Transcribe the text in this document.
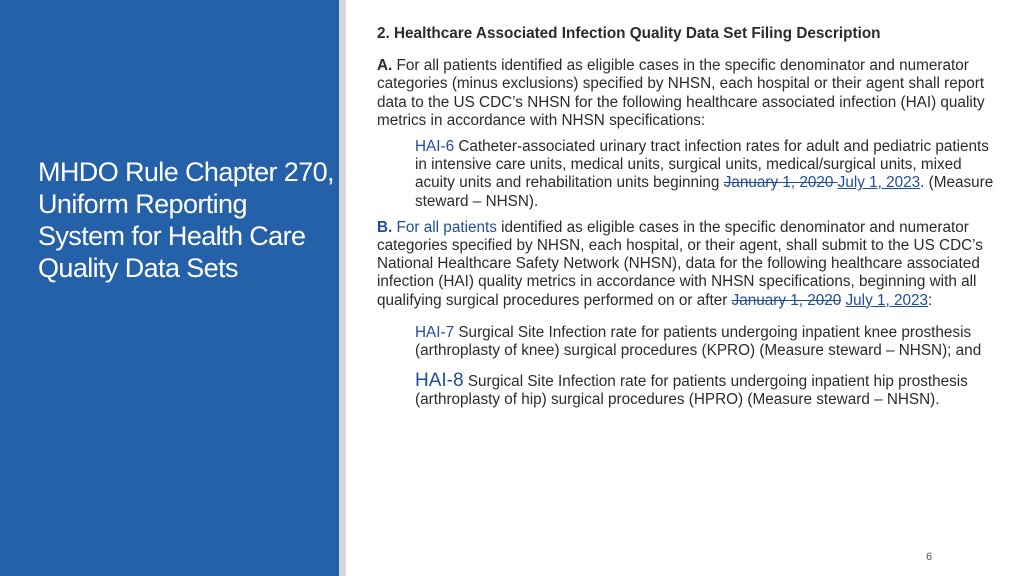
MHDO Rule Chapter 270, Uniform Reporting System for Health Care Quality Data Sets
2. Healthcare Associated Infection Quality Data Set Filing Description

A. For all patients identified as eligible cases in the specific denominator and numerator categories (minus exclusions) specified by NHSN, each hospital or their agent shall report data to the US CDC’s NHSN for the following healthcare associated infection (HAI) quality metrics in accordance with NHSN specifications:

HAI-6 Catheter-associated urinary tract infection rates for adult and pediatric patients in intensive care units, medical units, surgical units, medical/surgical units, mixed acuity units and rehabilitation units beginning January 1, 2020 July 1, 2023. (Measure steward – NHSN).

B. For all patients identified as eligible cases in the specific denominator and numerator categories specified by NHSN, each hospital, or their agent, shall submit to the US CDC’s National Healthcare Safety Network (NHSN), data for the following healthcare associated infection (HAI) quality metrics in accordance with NHSN specifications, beginning with all qualifying surgical procedures performed on or after January 1, 2020 July 1, 2023:

HAI-7 Surgical Site Infection rate for patients undergoing inpatient knee prosthesis (arthroplasty of knee) surgical procedures (KPRO) (Measure steward – NHSN); and

HAI-8 Surgical Site Infection rate for patients undergoing inpatient hip prosthesis (arthroplasty of hip) surgical procedures (HPRO) (Measure steward – NHSN).

6
